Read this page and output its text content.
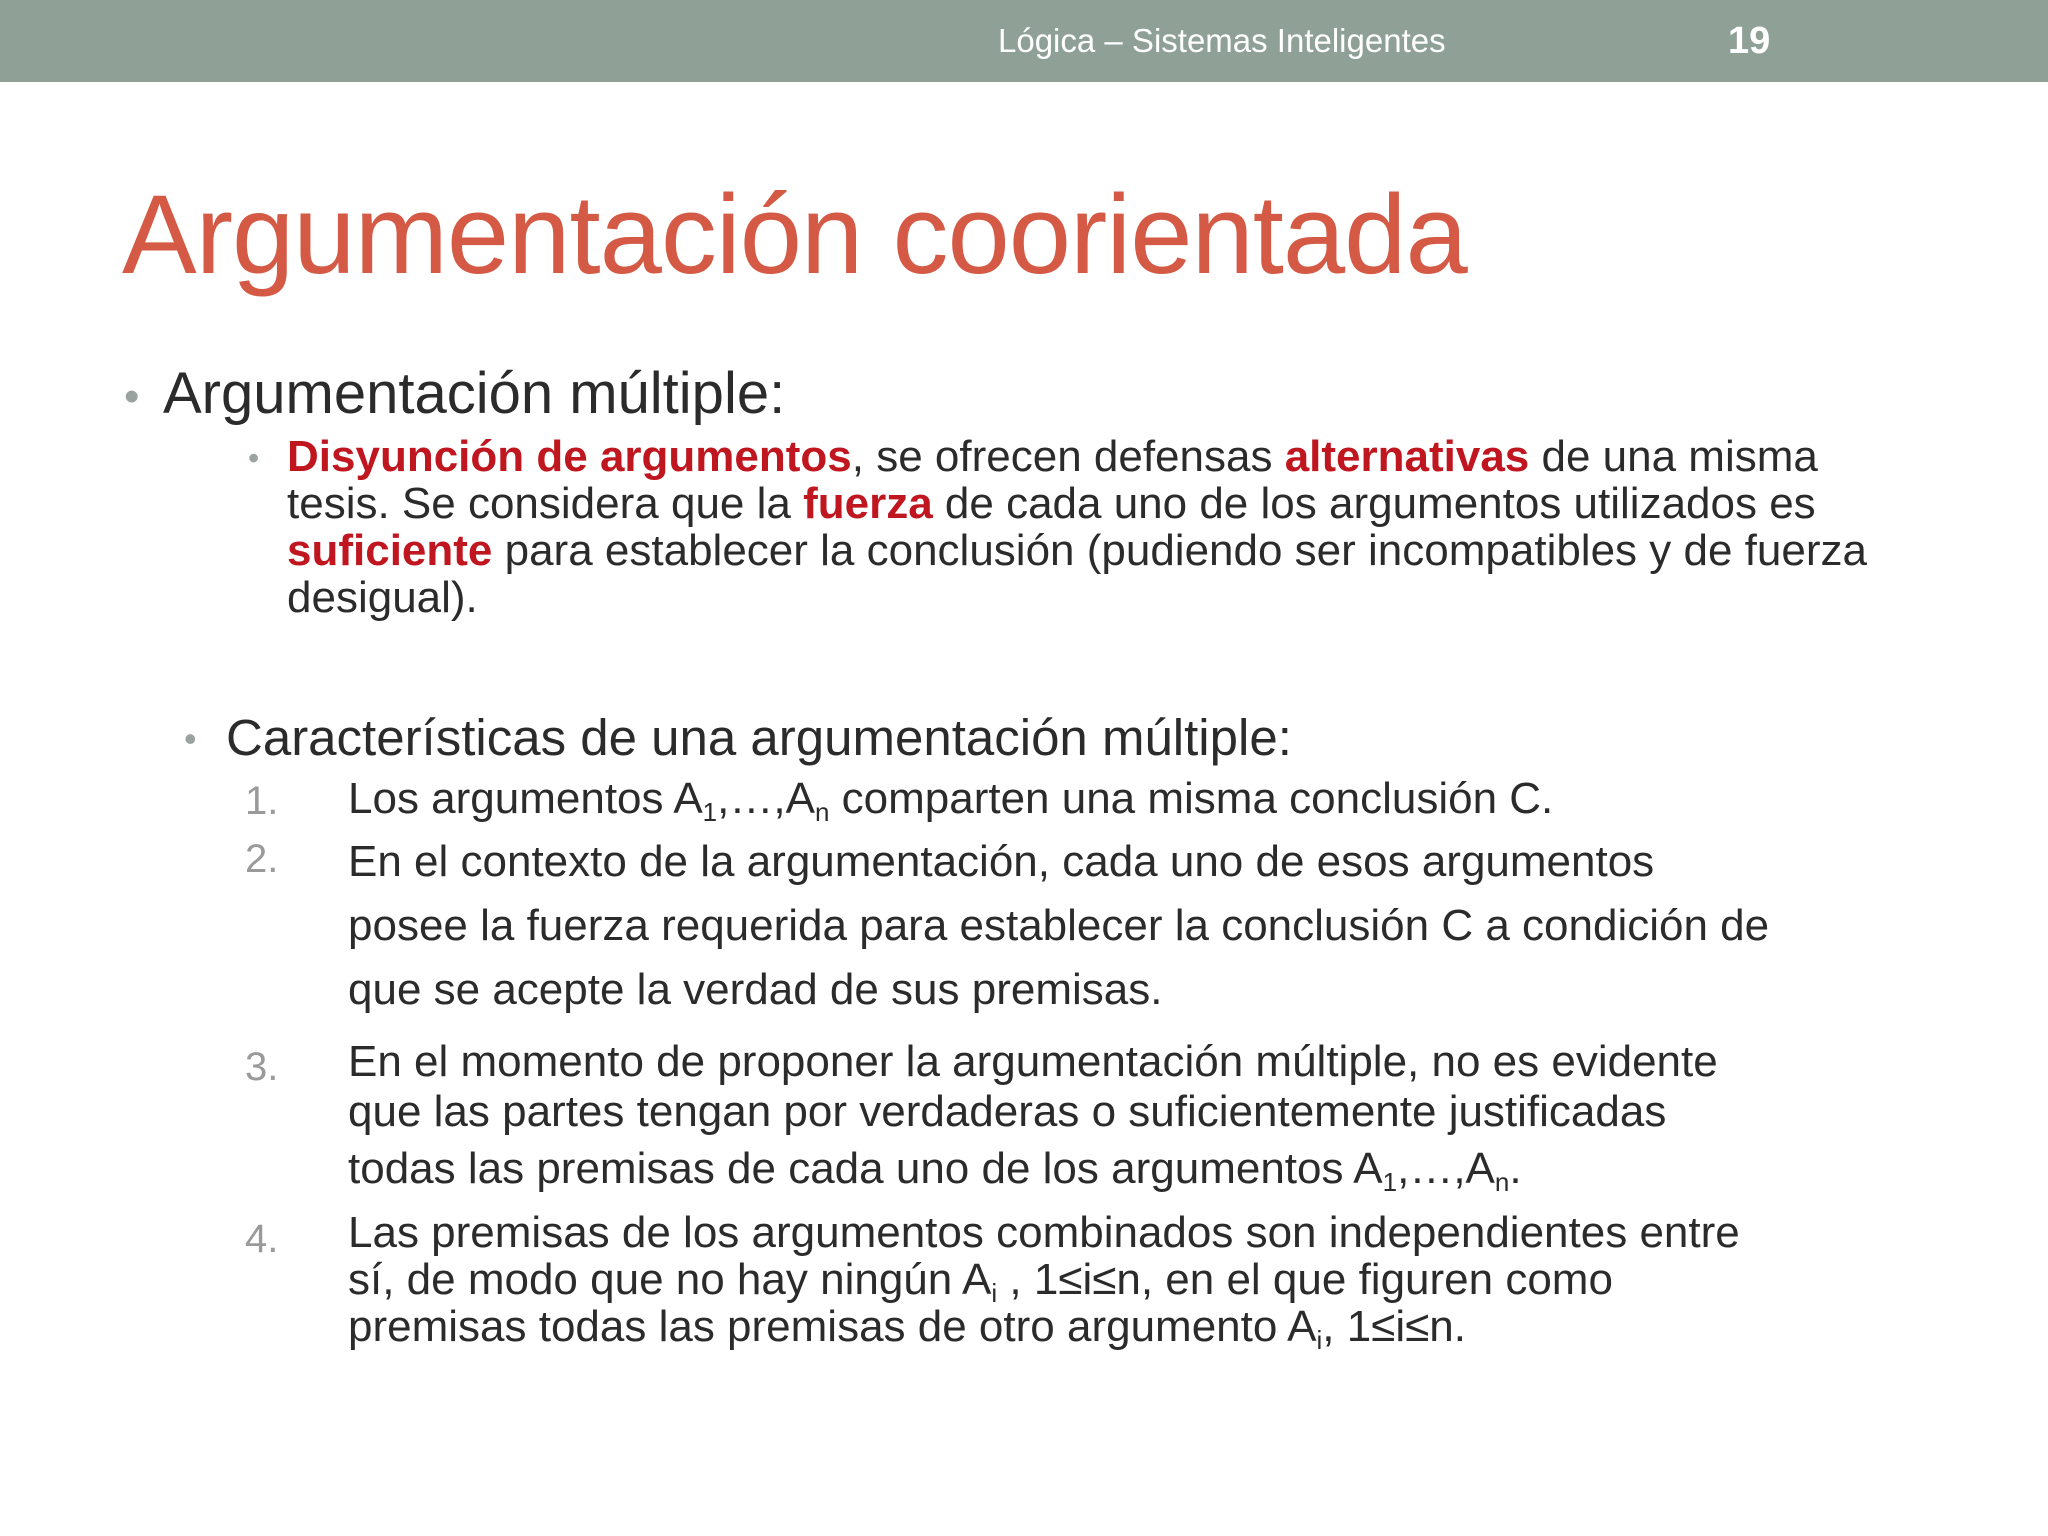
Lógica – Sistemas Inteligentes	19
Argumentación coorientada
• Argumentación múltiple:
• Disyunción de argumentos, se ofrecen defensas alternativas de una misma tesis. Se considera que la fuerza de cada uno de los argumentos utilizados es suficiente para establecer la conclusión (pudiendo ser incompatibles y de fuerza desigual).
• Características de una argumentación múltiple:
1. Los argumentos $A_1,\dots,A_n$ comparten una misma conclusión C.
2. En el contexto de la argumentación, cada uno de esos argumentos
posee la fuerza requerida para establecer la conclusión C a condición de
que se acepte la verdad de sus premisas.
3. En el momento de proponer la argumentación múltiple, no es evidente
que las partes tengan por verdaderas o suficientemente justificadas
todas las premisas de cada uno de los argumentos $A_1,\dots,A_n$.
4. Las premisas de los argumentos combinados son independientes entre
sí, de modo que no hay ningún $A_i$ , 1≤i≤n, en el que figuren como
premisas todas las premisas de otro argumento $A_i$, 1≤i≤n.
